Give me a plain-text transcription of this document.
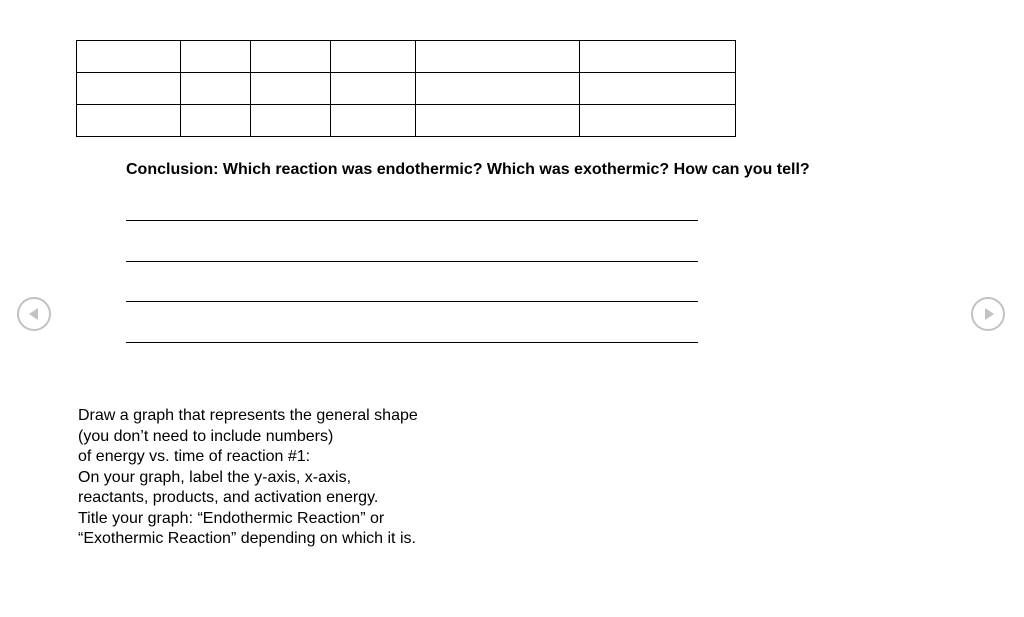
Conclusion: Which reaction was endothermic? Which was exothermic? How can you tell?
Draw a graph that represents the general shape
(you don’t need to include numbers)
of energy vs. time of reaction #1:
On your graph, label the y-axis, x-axis,
reactants, products, and activation energy.
Title your graph: “Endothermic Reaction” or
“Exothermic Reaction” depending on which it is.
